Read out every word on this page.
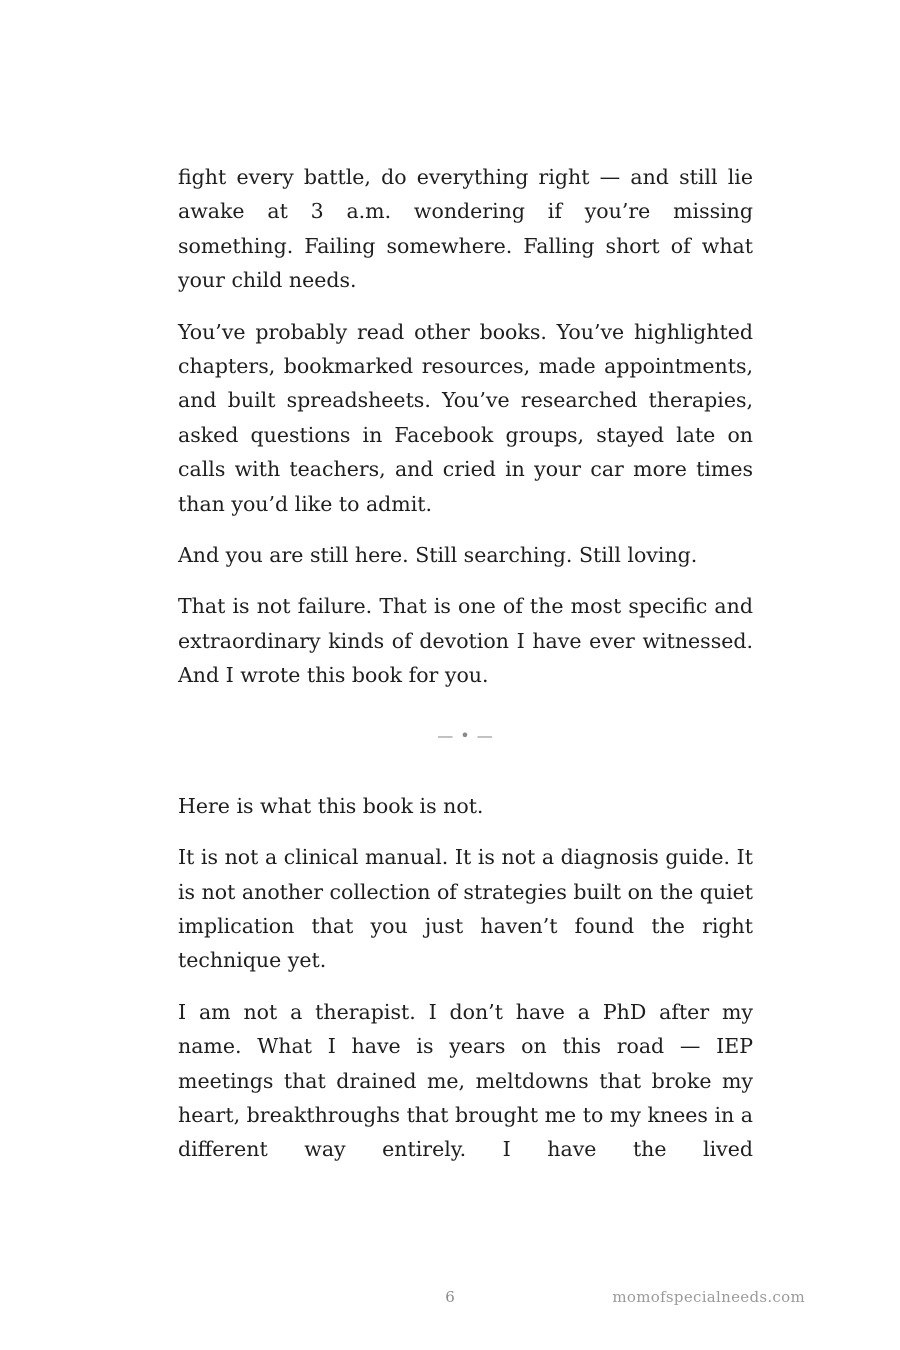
fight every battle, do everything right — and still lie awake at 3 a.m. wondering if you’re missing something. Failing somewhere. Falling short of what your child needs.

You’ve probably read other books. You’ve highlighted chapters, bookmarked resources, made appointments, and built spreadsheets. You’ve researched therapies, asked questions in Facebook groups, stayed late on calls with teachers, and cried in your car more times than you’d like to admit.

And you are still here. Still searching. Still loving.

That is not failure. That is one of the most specific and extraordinary kinds of devotion I have ever witnessed. And I wrote this book for you.

— • —

Here is what this book is not.

It is not a clinical manual. It is not a diagnosis guide. It is not another collection of strategies built on the quiet implication that you just haven’t found the right technique yet.

I am not a therapist. I don’t have a PhD after my name. What I have is years on this road — IEP meetings that drained me, meltdowns that broke my heart, breakthroughs that brought me to my knees in a different way entirely. I have the lived

6	momofspecialneeds.com
